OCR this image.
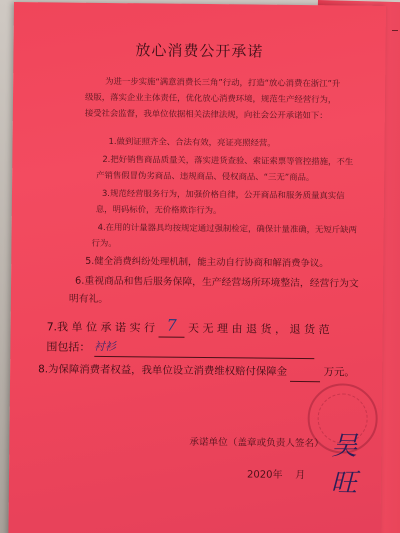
放心消费公开承诺
为进一步实施“满意消费长三角”行动，打造“放心消费在浙江”升级版，落实企业主体责任，优化放心消费环境，规范生产经营行为，接受社会监督，我单位依据相关法律法规，向社会公开承诺如下：
1.做到证照齐全、合法有效，亮证亮照经营。
2.把好销售商品质量关，落实进货查验、索证索票等管控措施，不生产销售假冒伪劣商品、违规商品、侵权商品、“三无”商品。
3.规范经营服务行为，加强价格自律，公开商品和服务质量真实信息，明码标价，无价格欺诈行为。
4.在用的计量器具均按规定通过强制检定，确保计量准确，无短斤缺两行为。
5.健全消费纠纷处理机制，能主动自行协商和解消费争议。
6.重视商品和售后服务保障，生产经营场所环境整洁，经营行为文明有礼。
7.我 单 位 承 诺 实 行 7 天 无 理 由 退 货 ， 退 货 范
围包括： 衬衫
8.为保障消费者权益，我单位设立消费维权赔付保障金	万元。
承诺单位（盖章或负责人签名） 吴旺
2020年    月
